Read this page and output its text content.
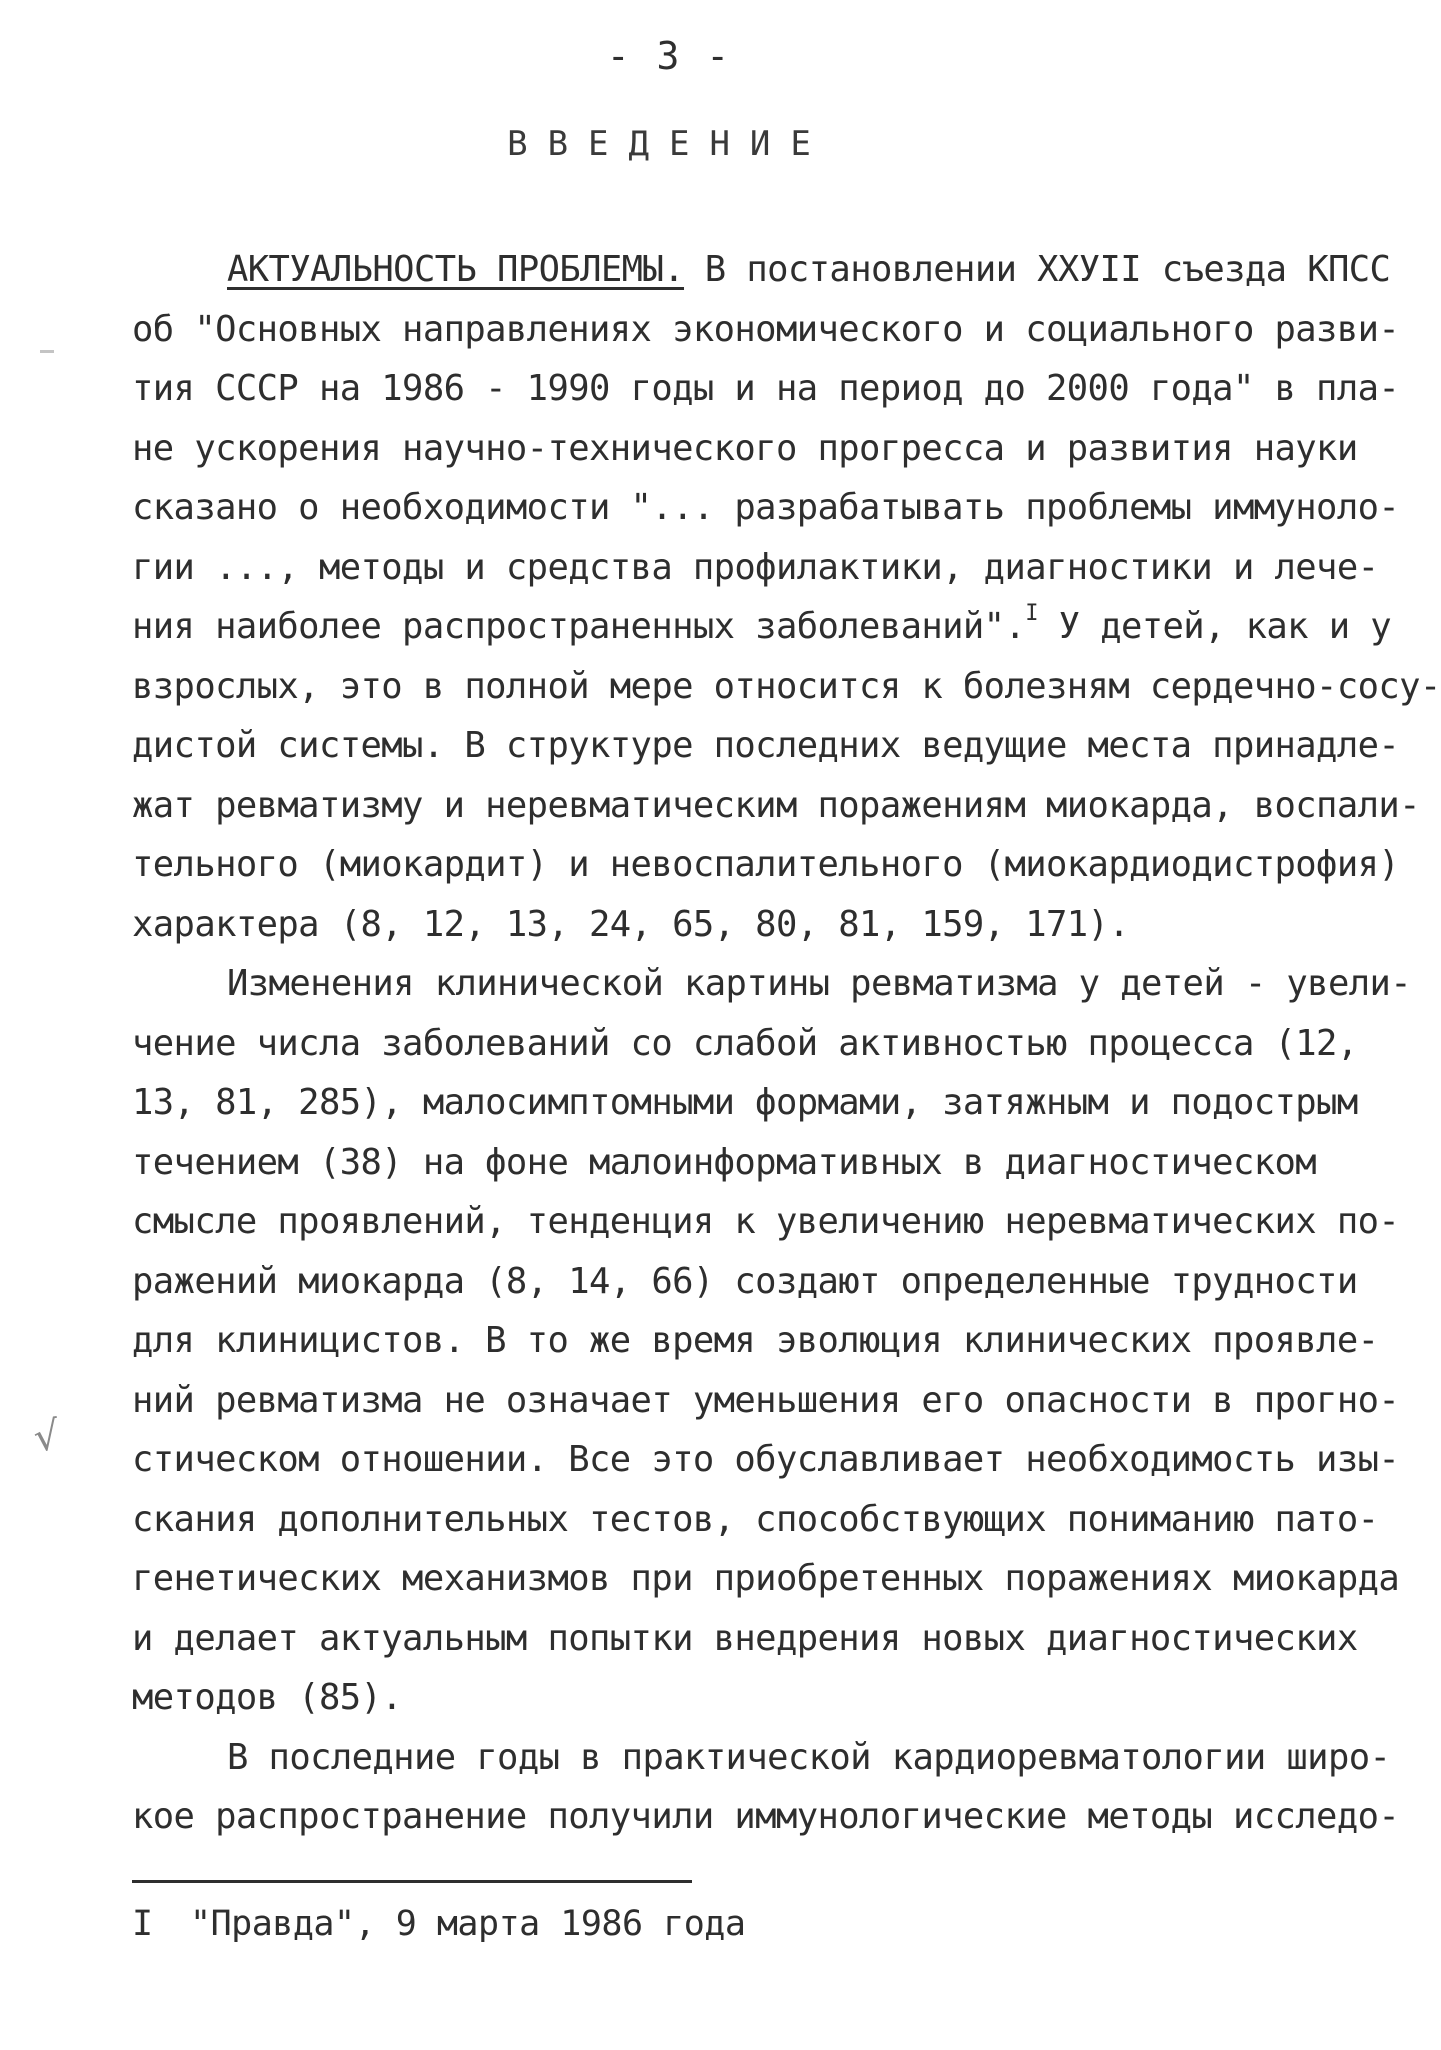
- 3 -
ВВЕДЕНИЕ
√
АКТУАЛЬНОСТЬ ПРОБЛЕМЫ. В постановлении XXУII съезда КПСС
об "Основных направлениях экономического и социального разви-
тия СССР на 1986 - 1990 годы и на период до 2000 года" в пла-
не ускорения научно-технического прогресса и развития науки
сказано о необходимости "... разрабатывать проблемы иммуноло-
гии ..., методы и средства профилактики, диагностики и лече-
ния наиболее распространенных заболеваний".$^I$ У детей, как и у
взрослых, это в полной мере относится к болезням сердечно-сосу-
дистой системы. В структуре последних ведущие места принадле-
жат ревматизму и неревматическим поражениям миокарда, воспали-
тельного (миокардит) и невоспалительного (миокардиодистрофия)
характера (8, 12, 13, 24, 65, 80, 81, 159, 171).
Изменения клинической картины ревматизма у детей - увели-
чение числа заболеваний со слабой активностью процесса (12,
13, 81, 285), малосимптомными формами, затяжным и подострым
течением (38) на фоне малоинформативных в диагностическом
смысле проявлений, тенденция к увеличению неревматических по-
ражений миокарда (8, 14, 66) создают определенные трудности
для клиницистов. В то же время эволюция клинических проявле-
ний ревматизма не означает уменьшения его опасности в прогно-
стическом отношении. Все это обуславливает необходимость изы-
скания дополнительных тестов, способствующих пониманию пато-
генетических механизмов при приобретенных поражениях миокарда
и делает актуальным попытки внедрения новых диагностических
методов (85).
В последние годы в практической кардиоревматологии широ-
кое распространение получили иммунологические методы исследо-
I "Правда", 9 марта 1986 года
